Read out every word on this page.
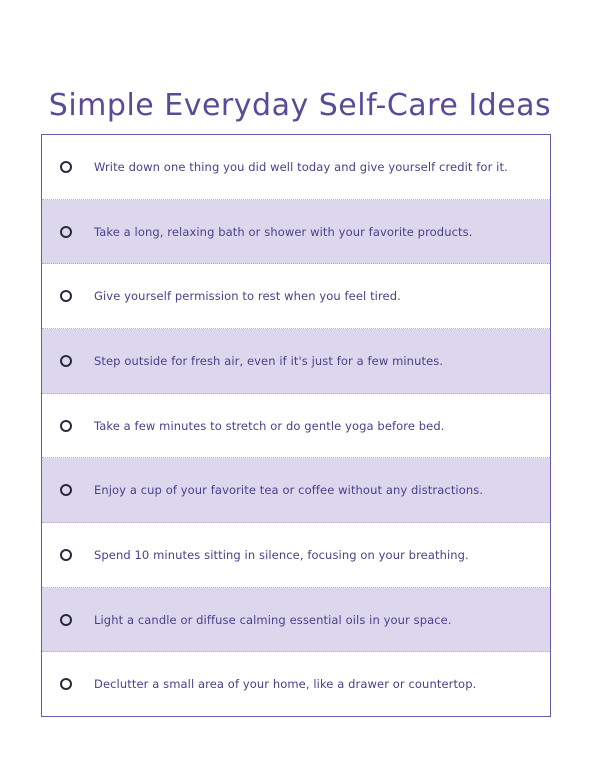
Simple Everyday Self-Care Ideas
Write down one thing you did well today and give yourself credit for it.
Take a long, relaxing bath or shower with your favorite products.
Give yourself permission to rest when you feel tired.
Step outside for fresh air, even if it's just for a few minutes.
Take a few minutes to stretch or do gentle yoga before bed.
Enjoy a cup of your favorite tea or coffee without any distractions.
Spend 10 minutes sitting in silence, focusing on your breathing.
Light a candle or diffuse calming essential oils in your space.
Declutter a small area of your home, like a drawer or countertop.
